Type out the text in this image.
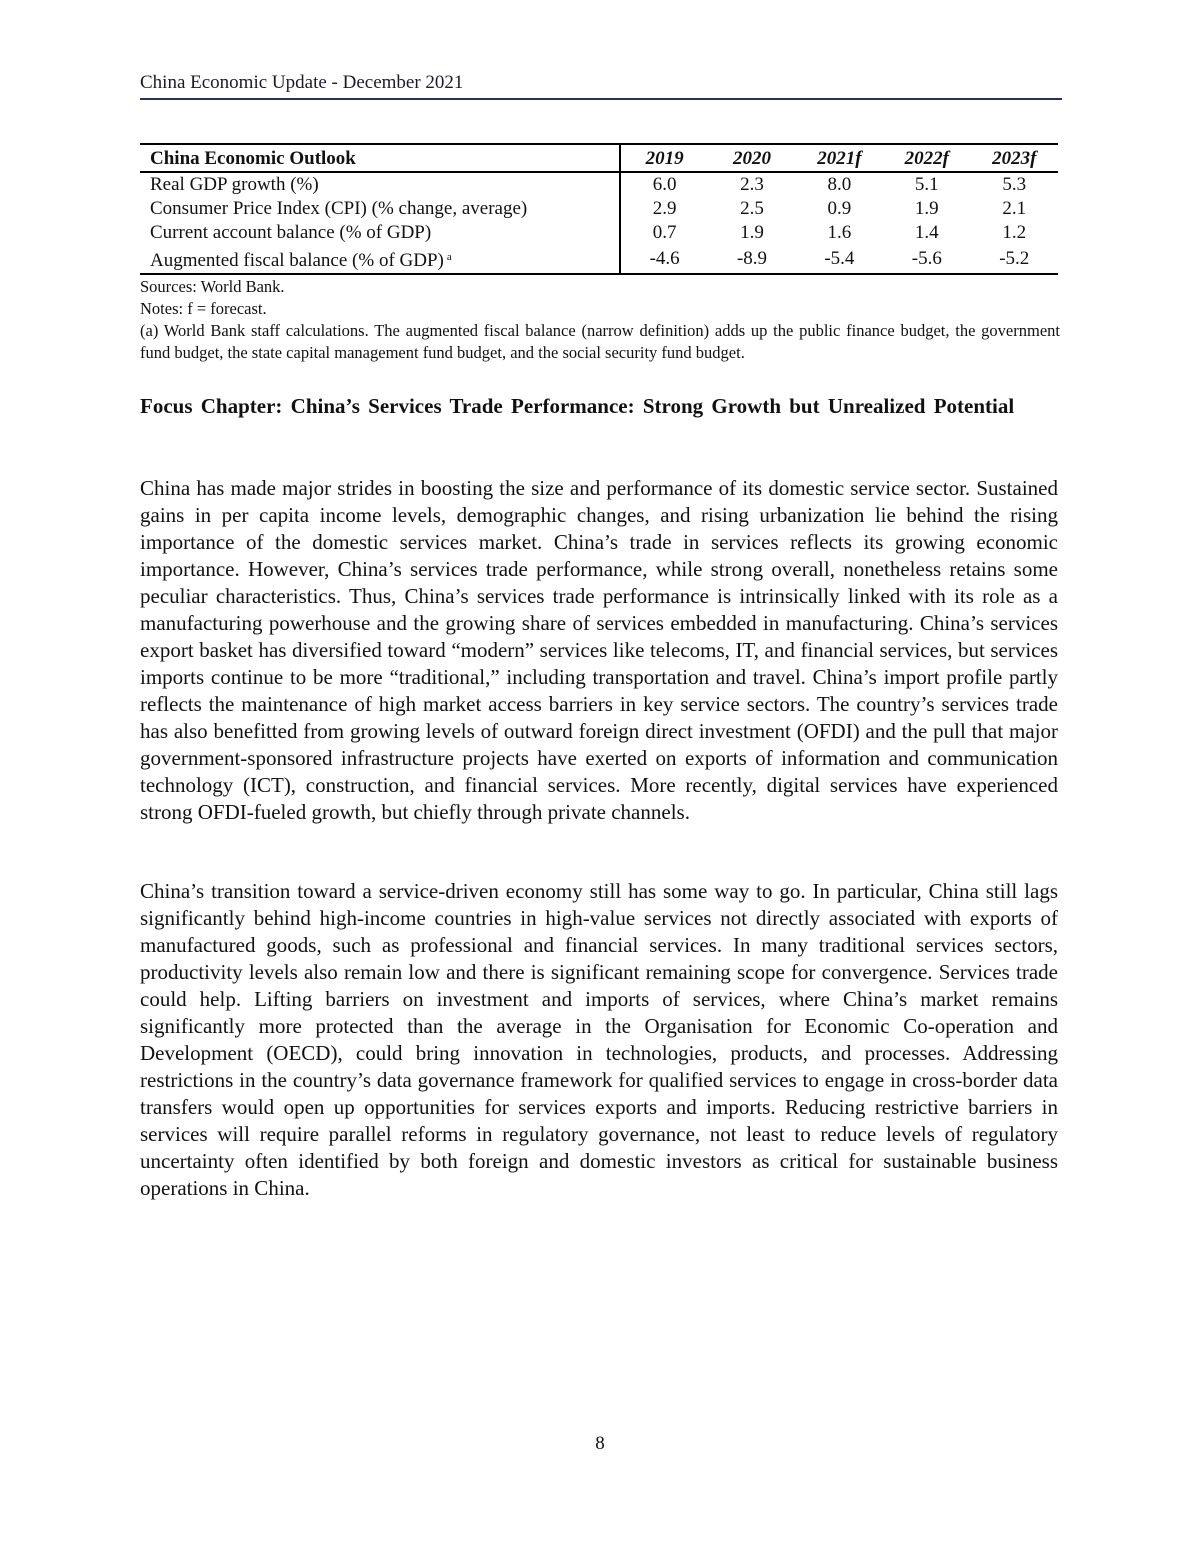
China Economic Update - December 2021
China Economic Outlook	2019	2020	2021f	2022f	2023f
Real GDP growth (%)	6.0	2.3	8.0	5.1	5.3
Consumer Price Index (CPI) (% change, average)	2.9	2.5	0.9	1.9	2.1
Current account balance (% of GDP)	0.7	1.9	1.6	1.4	1.2
Augmented fiscal balance (% of GDP) $^a$	-4.6	-8.9	-5.4	-5.6	-5.2

Sources: World Bank.

Notes: f = forecast.

(a) World Bank staff calculations. The augmented fiscal balance (narrow definition) adds up the public finance budget, the government fund budget, the state capital management fund budget, and the social security fund budget.

Focus Chapter: China’s Services Trade Performance: Strong Growth but Unrealized Potential

China has made major strides in boosting the size and performance of its domestic service sector. Sustained gains in per capita income levels, demographic changes, and rising urbanization lie behind the rising importance of the domestic services market. China’s trade in services reflects its growing economic importance. However, China’s services trade performance, while strong overall, nonetheless retains some peculiar characteristics. Thus, China’s services trade performance is intrinsically linked with its role as a manufacturing powerhouse and the growing share of services embedded in manufacturing. China’s services export basket has diversified toward “modern” services like telecoms, IT, and financial services, but services imports continue to be more “traditional,” including transportation and travel. China’s import profile partly reflects the maintenance of high market access barriers in key service sectors. The country’s services trade has also benefitted from growing levels of outward foreign direct investment (OFDI) and the pull that major government-sponsored infrastructure projects have exerted on exports of information and communication technology (ICT), construction, and financial services. More recently, digital services have experienced strong OFDI-fueled growth, but chiefly through private channels.

China’s transition toward a service-driven economy still has some way to go. In particular, China still lags significantly behind high-income countries in high-value services not directly associated with exports of manufactured goods, such as professional and financial services. In many traditional services sectors, productivity levels also remain low and there is significant remaining scope for convergence. Services trade could help. Lifting barriers on investment and imports of services, where China’s market remains significantly more protected than the average in the Organisation for Economic Co-operation and Development (OECD), could bring innovation in technologies, products, and processes. Addressing restrictions in the country’s data governance framework for qualified services to engage in cross-border data transfers would open up opportunities for services exports and imports. Reducing restrictive barriers in services will require parallel reforms in regulatory governance, not least to reduce levels of regulatory uncertainty often identified by both foreign and domestic investors as critical for sustainable business operations in China.

8
